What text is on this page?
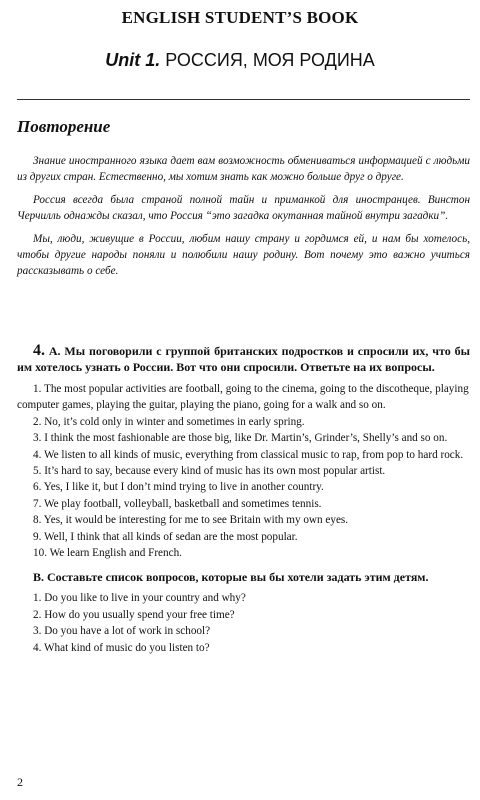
ENGLISH STUDENT’S BOOK
Unit 1. РОССИЯ, МОЯ РОДИНА
Повторение

Знание иностранного языка дает вам возможность обмениваться информацией с людьми из других стран. Естественно, мы хотим знать как можно больше друг о друге.

Россия всегда была страной полной тайн и приманкой для иностранцев. Винстон Черчилль однажды сказал, что Россия “это загадка окутанная тайной внутри загадки”.

Мы, люди, живущие в России, любим нашу страну и гордимся ей, и нам бы хотелось, чтобы другие народы поняли и полюбили нашу родину. Вот почему это важно учиться рассказывать о себе.

4. А. Мы поговорили с группой британских подростков и спросили их, что бы им хотелось узнать о России. Вот что они спросили. Ответьте на их вопросы.

1. The most popular activities are football, going to the cinema, going to the discotheque, playing computer games, playing the guitar, playing the piano, going for a walk and so on.
2. No, it’s cold only in winter and sometimes in early spring.
3. I think the most fashionable are those big, like Dr. Martin’s, Grinder’s, Shelly’s and so on.
4. We listen to all kinds of music, everything from classical music to rap, from pop to hard rock.
5. It’s hard to say, because every kind of music has its own most popular artist.
6. Yes, I like it, but I don’t mind trying to live in another country.
7. We play football, volleyball, basketball and sometimes tennis.
8. Yes, it would be interesting for me to see Britain with my own eyes.
9. Well, I think that all kinds of sedan are the most popular.
10. We learn English and French.

В. Составьте список вопросов, которые вы бы хотели задать этим детям.

1. Do you like to live in your country and why?
2. How do you usually spend your free time?
3. Do you have a lot of work in school?
4. What kind of music do you listen to?
2
